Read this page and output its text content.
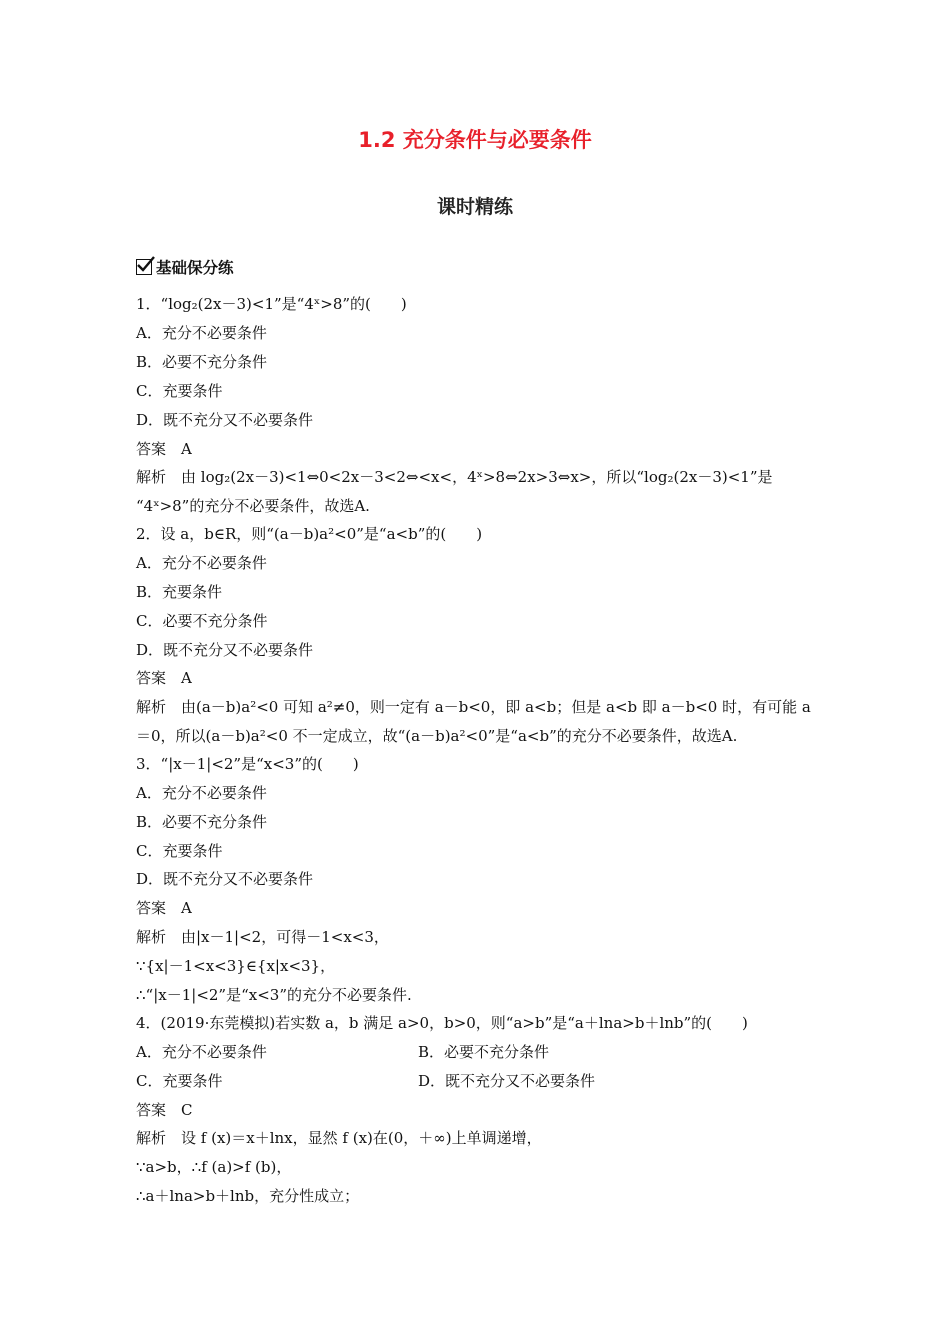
1.2 充分条件与必要条件
课时精练
基础保分练
1．“log₂(2x－3)<1”是“4ˣ>8”的(　　)
A．充分不必要条件
B．必要不充分条件
C．充要条件
D．既不充分又不必要条件
答案　A
解析　由 log₂(2x－3)<1⇔0<2x－3<2⇔<x<，4ˣ>8⇔2x>3⇔x>，所以“log₂(2x－3)<1”是
“4ˣ>8”的充分不必要条件，故选A.
2．设 a，b∈R，则“(a－b)a²<0”是“a<b”的(　　)
A．充分不必要条件
B．充要条件
C．必要不充分条件
D．既不充分又不必要条件
答案　A
解析　由(a－b)a²<0 可知 a²≠0，则一定有 a－b<0，即 a<b；但是 a<b 即 a－b<0 时，有可能 a
＝0，所以(a－b)a²<0 不一定成立，故“(a－b)a²<0”是“a<b”的充分不必要条件，故选A.
3．“|x－1|<2”是“x<3”的(　　)
A．充分不必要条件
B．必要不充分条件
C．充要条件
D．既不充分又不必要条件
答案　A
解析　由|x－1|<2，可得－1<x<3，
∵{x|－1<x<3}∈{x|x<3}，
∴“|x－1|<2”是“x<3”的充分不必要条件.
4．(2019·东莞模拟)若实数 a，b 满足 a>0，b>0，则“a>b”是“a＋lna>b＋lnb”的(　　)
A．充分不必要条件	B．必要不充分条件
C．充要条件	D．既不充分又不必要条件
答案　C
解析　设 f (x)＝x＋lnx，显然 f (x)在(0，＋∞)上单调递增，
∵a>b，∴f (a)>f (b)，
∴a＋lna>b＋lnb，充分性成立；
